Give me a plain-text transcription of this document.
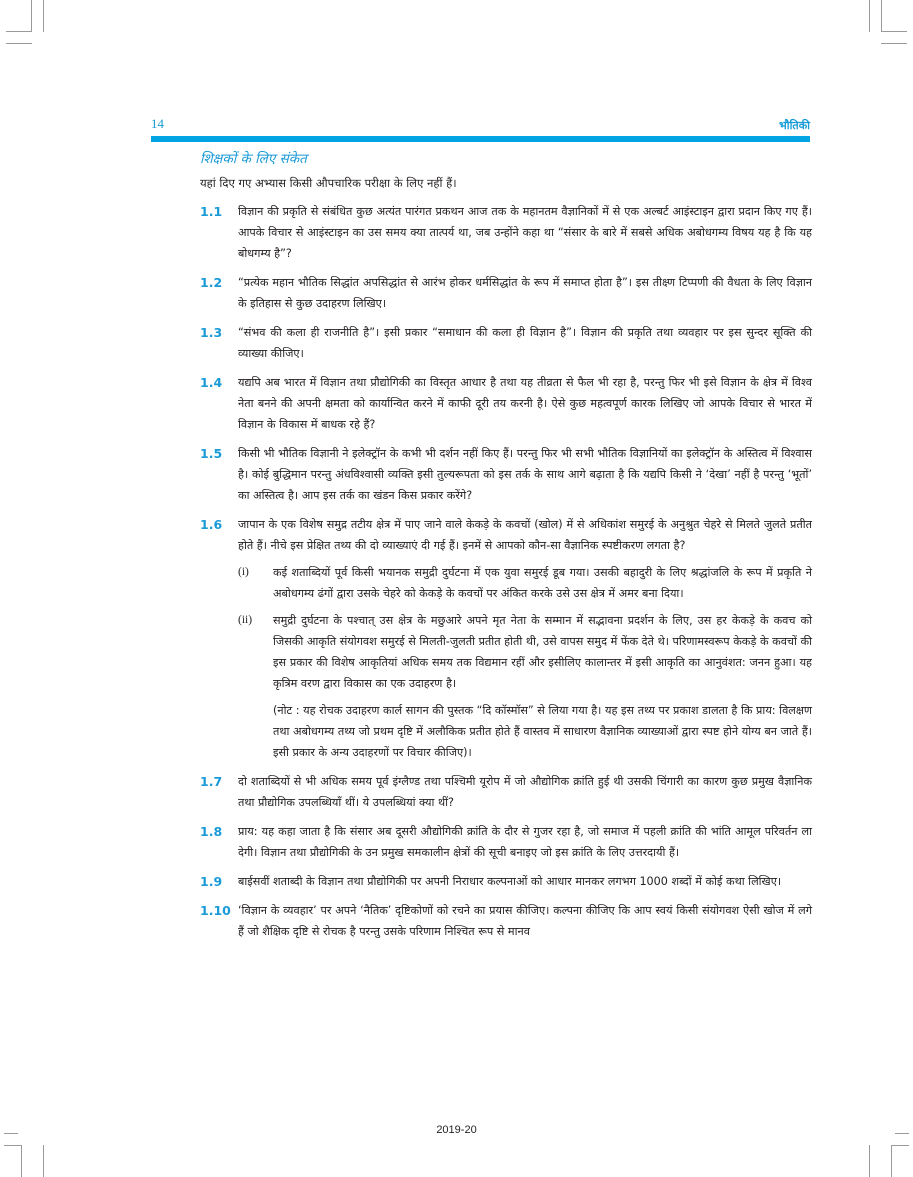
14	भौतिकी
शिक्षकों के लिए संकेत
यहां दिए गए अभ्यास किसी औपचारिक परीक्षा के लिए नहीं हैं।
1.1 विज्ञान की प्रकृति से संबंधित कुछ अत्यंत पारंगत प्रकथन आज तक के महानतम वैज्ञानिकों में से एक अल्बर्ट आइंस्टाइन द्वारा प्रदान किए गए हैं। आपके विचार से आइंस्टाइन का उस समय क्या तात्पर्य था, जब उन्होंने कहा था “संसार के बारे में सबसे अधिक अबोधगम्य विषय यह है कि यह बोधगम्य है”?
1.2 “प्रत्येक महान भौतिक सिद्धांत अपसिद्धांत से आरंभ होकर धर्मसिद्धांत के रूप में समाप्त होता है”। इस तीक्ष्ण टिप्पणी की वैधता के लिए विज्ञान के इतिहास से कुछ उदाहरण लिखिए।
1.3 “संभव की कला ही राजनीति है”। इसी प्रकार “समाधान की कला ही विज्ञान है”। विज्ञान की प्रकृति तथा व्यवहार पर इस सुन्दर सूक्ति की व्याख्या कीजिए।
1.4 यद्यपि अब भारत में विज्ञान तथा प्रौद्योगिकी का विस्तृत आधार है तथा यह तीव्रता से फैल भी रहा है, परन्तु फिर भी इसे विज्ञान के क्षेत्र में विश्व नेता बनने की अपनी क्षमता को कार्यान्वित करने में काफी दूरी तय करनी है। ऐसे कुछ महत्वपूर्ण कारक लिखिए जो आपके विचार से भारत में विज्ञान के विकास में बाधक रहे हैं?
1.5 किसी भी भौतिक विज्ञानी ने इलेक्ट्रॉन के कभी भी दर्शन नहीं किए हैं। परन्तु फिर भी सभी भौतिक विज्ञानियों का इलेक्ट्रॉन के अस्तित्व में विश्वास है। कोई बुद्धिमान परन्तु अंधविश्वासी व्यक्ति इसी तुल्यरूपता को इस तर्क के साथ आगे बढ़ाता है कि यद्यपि किसी ने ‘देखा’ नहीं है परन्तु ‘भूतों’ का अस्तित्व है। आप इस तर्क का खंडन किस प्रकार करेंगे?
1.6 जापान के एक विशेष समुद्र तटीय क्षेत्र में पाए जाने वाले केकड़े के कवचों (खोल) में से अधिकांश समुरई के अनुश्रुत चेहरे से मिलते जुलते प्रतीत होते हैं। नीचे इस प्रेक्षित तथ्य की दो व्याख्याएं दी गई हैं। इनमें से आपको कौन-सा वैज्ञानिक स्पष्टीकरण लगता है?
(i) कई शताब्दियों पूर्व किसी भयानक समुद्री दुर्घटना में एक युवा समुरई डूब गया। उसकी बहादुरी के लिए श्रद्धांजलि के रूप में प्रकृति ने अबोधगम्य ढंगों द्वारा उसके चेहरे को केकड़े के कवचों पर अंकित करके उसे उस क्षेत्र में अमर बना दिया।
(ii) समुद्री दुर्घटना के पश्चात् उस क्षेत्र के मछुआरे अपने मृत नेता के सम्मान में सद्भावना प्रदर्शन के लिए, उस हर केकड़े के कवच को जिसकी आकृति संयोगवश समुरई से मिलती-जुलती प्रतीत होती थी, उसे वापस समुद में फेंक देते थे। परिणामस्वरूप केकड़े के कवचों की इस प्रकार की विशेष आकृतियां अधिक समय तक विद्यमान रहीं और इसीलिए कालान्तर में इसी आकृति का आनुवंशत: जनन हुआ। यह कृत्रिम वरण द्वारा विकास का एक उदाहरण है।
(नोट : यह रोचक उदाहरण कार्ल सागन की पुस्तक “दि कॉस्मॉस” से लिया गया है। यह इस तथ्य पर प्रकाश डालता है कि प्राय: विलक्षण तथा अबोधगम्य तथ्य जो प्रथम दृष्टि में अलौकिक प्रतीत होते हैं वास्तव में साधारण वैज्ञानिक व्याख्याओं द्वारा स्पष्ट होने योग्य बन जाते हैं। इसी प्रकार के अन्य उदाहरणों पर विचार कीजिए)।
1.7 दो शताब्दियों से भी अधिक समय पूर्व इंग्लैण्ड तथा पश्चिमी यूरोप में जो औद्योगिक क्रांति हुई थी उसकी चिंगारी का कारण कुछ प्रमुख वैज्ञानिक तथा प्रौद्योगिक उपलब्धियाँ थीं। ये उपलब्धियां क्या थीं?
1.8 प्राय: यह कहा जाता है कि संसार अब दूसरी औद्योगिकी क्रांति के दौर से गुजर रहा है, जो समाज में पहली क्रांति की भांति आमूल परिवर्तन ला देगी। विज्ञान तथा प्रौद्योगिकी के उन प्रमुख समकालीन क्षेत्रों की सूची बनाइए जो इस क्रांति के लिए उत्तरदायी हैं।
1.9 बाईसवीं शताब्दी के विज्ञान तथा प्रौद्योगिकी पर अपनी निराधार कल्पनाओं को आधार मानकर लगभग 1000 शब्दों में कोई कथा लिखिए।
1.10 ‘विज्ञान के व्यवहार’ पर अपने ‘नैतिक’ दृष्टिकोणों को रचने का प्रयास कीजिए। कल्पना कीजिए कि आप स्वयं किसी संयोगवश ऐसी खोज में लगे हैं जो शैक्षिक दृष्टि से रोचक है परन्तु उसके परिणाम निश्चित रूप से मानव
2019-20
